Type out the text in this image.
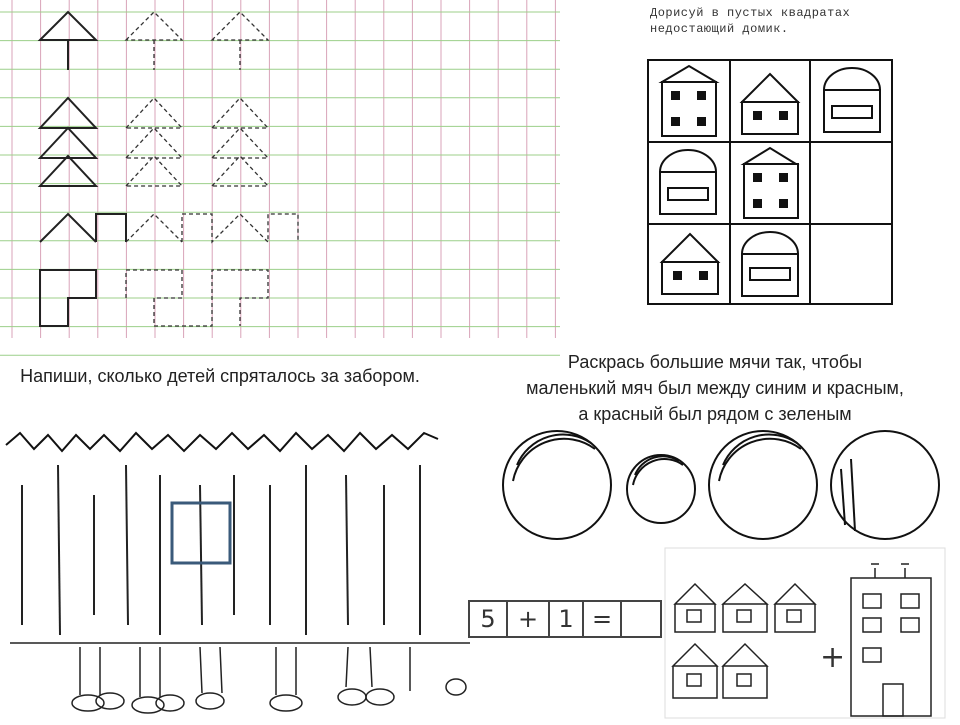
Дорисуй в пустых квадратах
недостающий домик.
Напиши, сколько детей спряталось за забором.
Раскрась большие мячи так, чтобы
маленький мяч был между синим и красным,
а красный был рядом с зеленым
5 + 1 =
+
